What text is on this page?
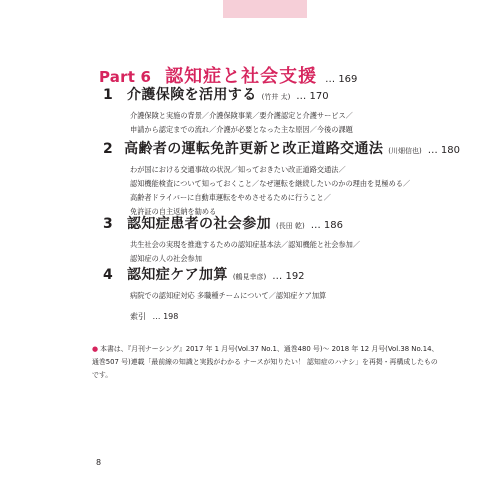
Part 6 認知症と社会支援 … 169
1	介護保険を活用する (竹井 太) … 170
介護保険と実施の背景／介護保険事業／要介護認定と介護サービス／
申請から認定までの流れ／介護が必要となった主な原因／今後の課題
2 高齢者の運転免許更新と改正道路交通法 (川畑信也) … 180
わが国における交通事故の状況／知っておきたい改正道路交通法／
認知機能検査について知っておくこと／なぜ運転を継続したいのかの理由を見極める／
高齢者ドライバーに自動車運転をやめさせるために行うこと／
免許証の自主返納を勧める
3	認知症患者の社会参加 (長田 乾) … 186
共生社会の実現を推進するための認知症基本法／認知機能と社会参加／
認知症の人の社会参加
4	認知症ケア加算 (鶴見幸彦) … 192
病院での認知症対応 多職種チームについて／認知症ケア加算
索引 … 198
● 本書は、『月刊ナーシング』2017 年 1 月号(Vol.37 No.1、通巻480 号)～ 2018 年 12 月号(Vol.38 No.14、通巻507 号)連載「最前線の知識と実践がわかる ナースが知りたい！ 認知症のハナシ」を再掲・再構成したものです。
8
